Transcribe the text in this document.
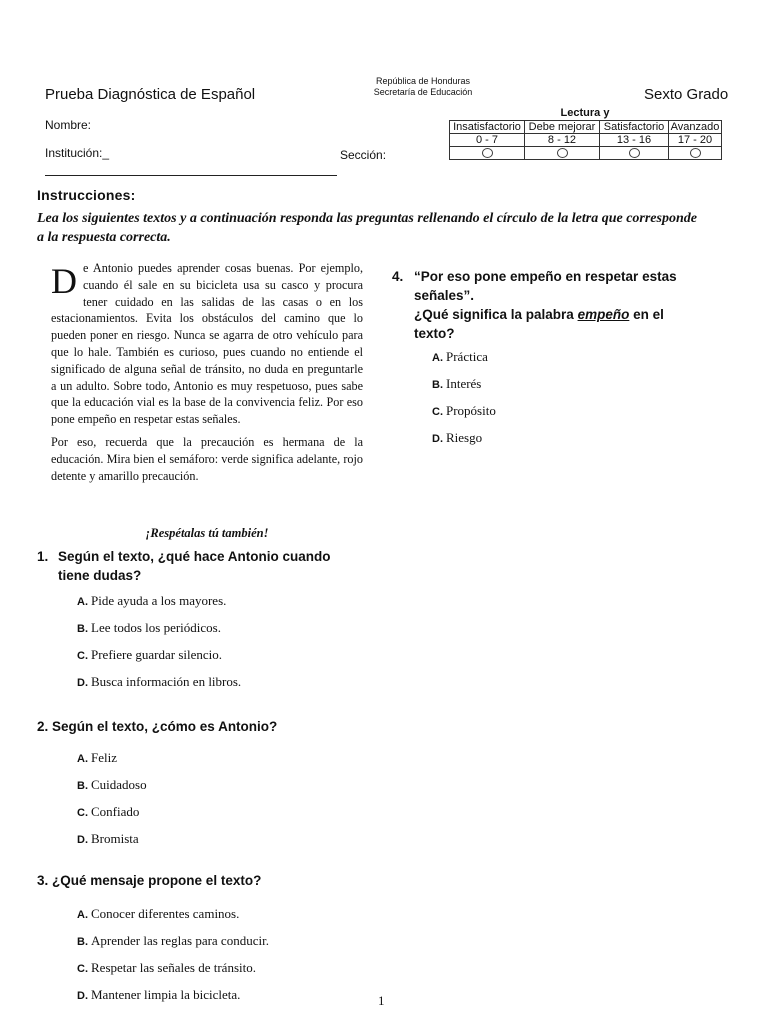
Prueba Diagnóstica de Español
República de Honduras
Secretaría de Educación	Sexto Grado
Nombre:
Institución:_	Sección:
Lectura y
Insatisfactorio	Debe mejorar	Satisfactorio	Avanzado
0 - 7	8 - 12	13 - 16	17 - 20

Instrucciones:
Lea los siguientes textos y a continuación responda las preguntas rellenando el círculo de la letra que corresponde a la respuesta correcta.

De Antonio puedes aprender cosas buenas. Por ejemplo, cuando él sale en su bicicleta usa su casco y procura tener cuidado en las salidas de las casas o en los estacionamientos. Evita los obstáculos del camino que lo pueden poner en riesgo. Nunca se agarra de otro vehículo para que lo hale. También es curioso, pues cuando no entiende el significado de alguna señal de tránsito, no duda en preguntarle a un adulto. Sobre todo, Antonio es muy respetuoso, pues sabe que la educación vial es la base de la convivencia feliz. Por eso pone empeño en respetar estas señales.

Por eso, recuerda que la precaución es hermana de la educación. Mira bien el semáforo: verde significa adelante, rojo detente y amarillo precaución.

¡Respétalas tú también!
1. Según el texto, ¿qué hace Antonio cuando
tiene dudas?
A. Pide ayuda a los mayores.
B. Lee todos los periódicos.
C. Prefiere guardar silencio.
D. Busca información en libros.
2. Según el texto, ¿cómo es Antonio?
A. Feliz
B. Cuidadoso
C. Confiado
D. Bromista
3. ¿Qué mensaje propone el texto?
A. Conocer diferentes caminos.
B. Aprender las reglas para conducir.
C. Respetar las señales de tránsito.
D. Mantener limpia la bicicleta.
4. “Por eso pone empeño en respetar estas
señales”.
¿Qué significa la palabra empeño en el
texto?
A. Práctica
B. Interés
C. Propósito
D. Riesgo
1
